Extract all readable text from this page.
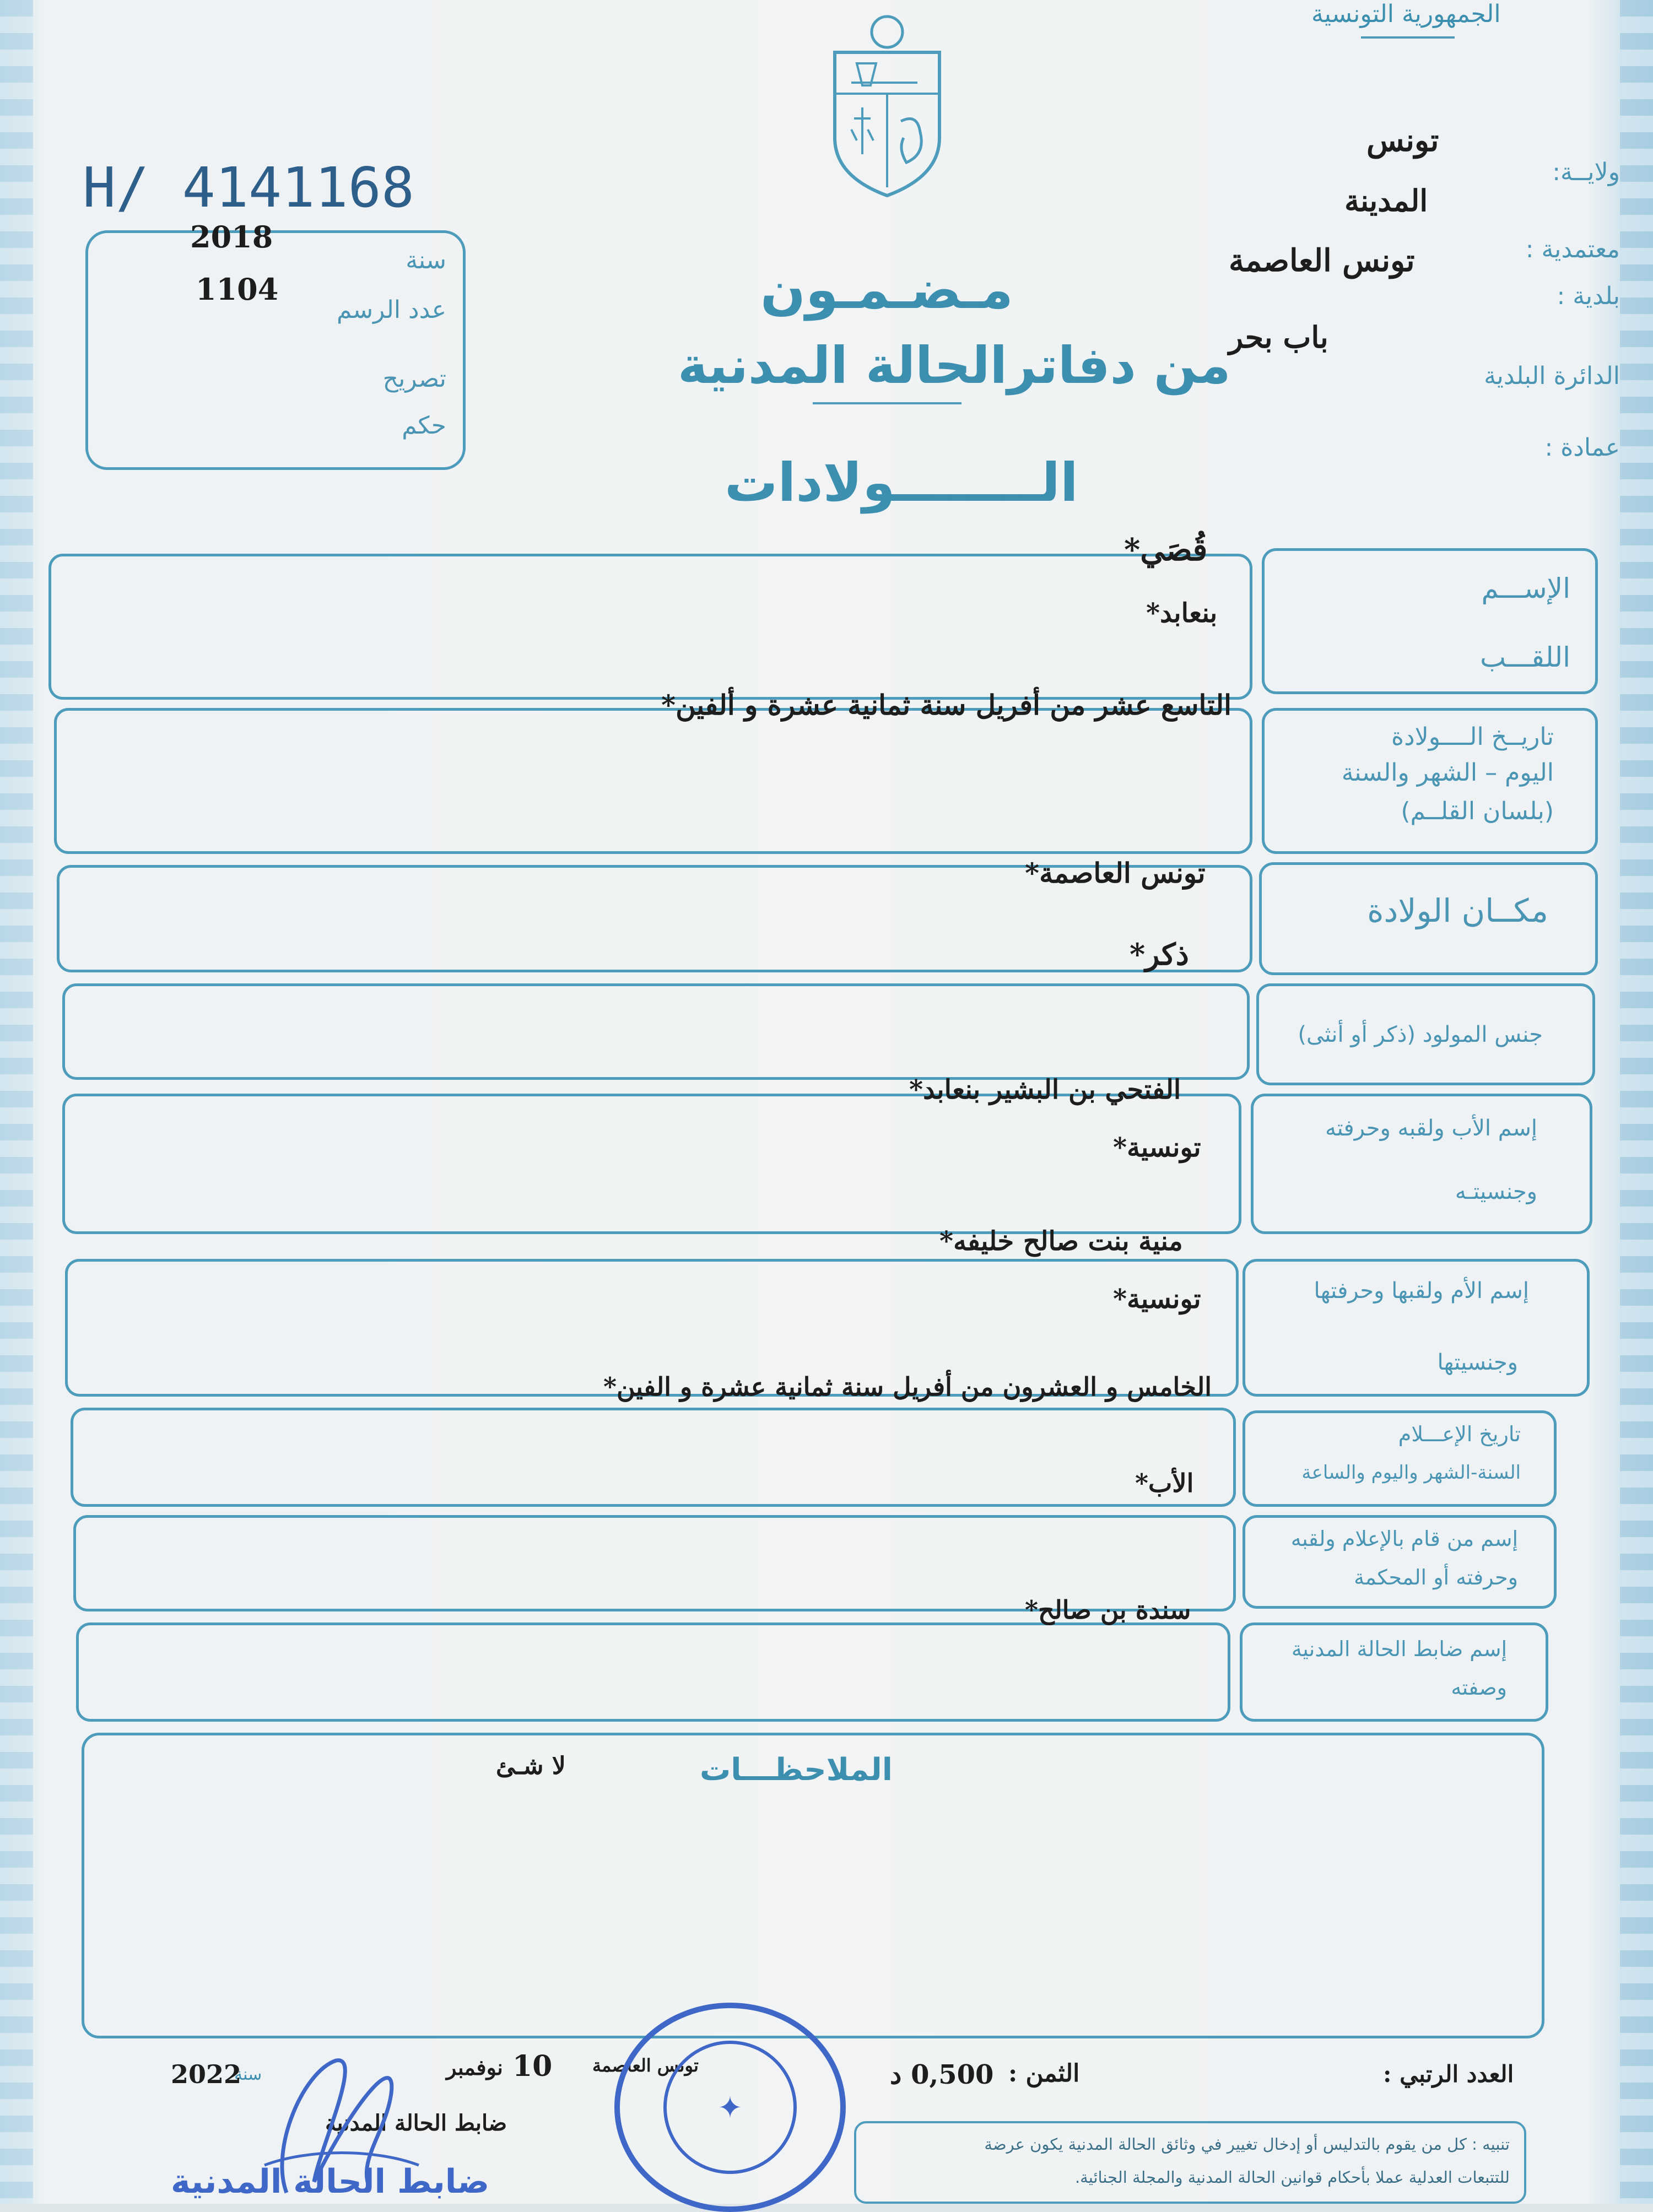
الجمهورية التونسية
H/ 4141168
2018
1104
سنة
عدد الرسم
تصريح
حكم
مـضـمـون
من دفاترالحالة المدنية
الــــــــولادات
ولايــة:
تونس
المدينة
معتمدية :
تونس العاصمة
بلدية :
باب بحر
الدائرة البلدية
عمادة :
الإســـم
اللقـــب
قُصَي*
بنعابد*
تاريــخ الــــولادة
اليوم – الشهر والسنة
(بلسان القلــم)
التاسع عشر من أفريل سنة ثمانية عشرة و ألفين*
مكــان الولادة
تونس العاصمة*
جنس المولود (ذكر أو أنثى)
ذكر*
إسم الأب ولقبه وحرفته
وجنسيتـه
الفتحي بن البشير بنعابد*
تونسية*
إسم الأم ولقبها وحرفتها
وجنسيتها
منية بنت صالح خليفه*
تونسية*
تاريخ الإعـــلام
السنة-الشهر واليوم والساعة
الخامس و العشرون من أفريل سنة ثمانية عشرة و الفين*
إسم من قام بالإعلام ولقبه
وحرفته أو المحكمة
الأب*
إسم ضابط الحالة المدنية
وصفته
سندة بن صالح*
الملاحظـــات
لا شـئ
العدد الرتبي :
الثمن :
0,500 د
تونس العاصمة
10
نوفمبر
سنة
2022
ضابط الحالة المدنية
ضابط الحالة المدنية
✦
تنبيه : كل من يقوم بالتدليس أو إدخال تغيير في وثائق الحالة المدنية يكون عرضة
للتتبعات العدلية عملا بأحكام قوانين الحالة المدنية والمجلة الجنائية.
